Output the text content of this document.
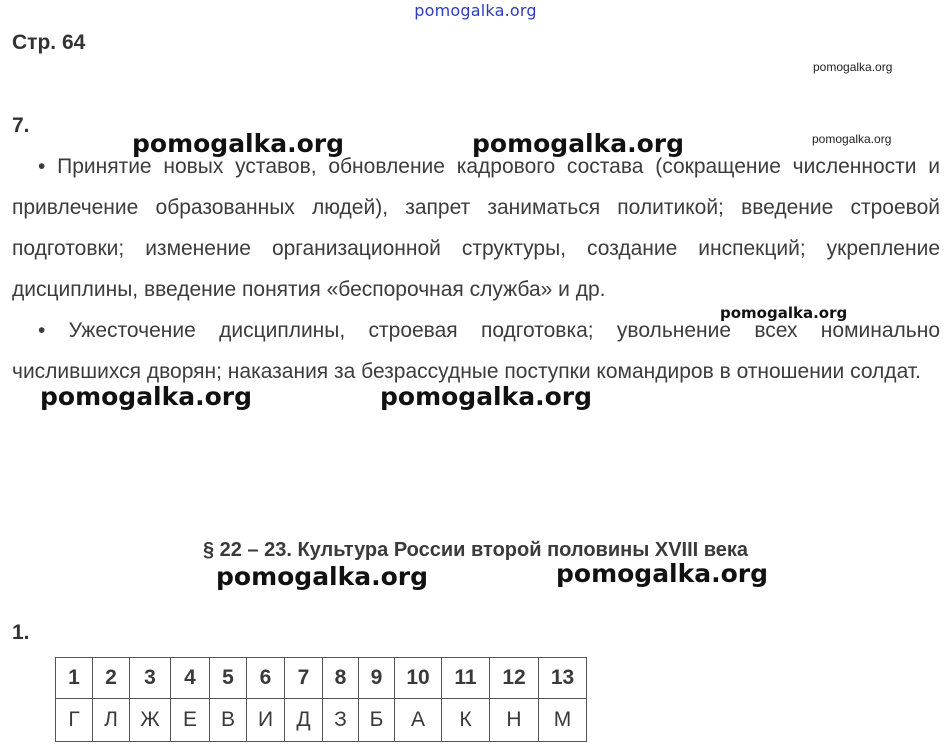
pomogalka.org
pomogalka.org
pomogalka.org
Стр. 64
7.

• Принятие новых уставов, обновление кадрового состава (сокращение численности и привлечение образованных людей), запрет заниматься политикой; введение строевой подготовки; изменение организационной структуры, создание инспекций; укрепление дисциплины, введение понятия «беспорочная служба» и др.

• Ужесточение дисциплины, строевая подготовка; увольнение всех номинально числившихся дворян; наказания за безрассудные поступки командиров в отношении солдат.

pomogalka.org	pomogalka.org
pomogalka.org
pomogalka.org	pomogalka.org
§ 22 – 23. Культура России второй половины XVIII века
pomogalka.org	pomogalka.org
1.
1	2	3	4	5	6	7	8	9	10	11	12	13
Г	Л	Ж	Е	В	И	Д	З	Б	А	К	Н	М
